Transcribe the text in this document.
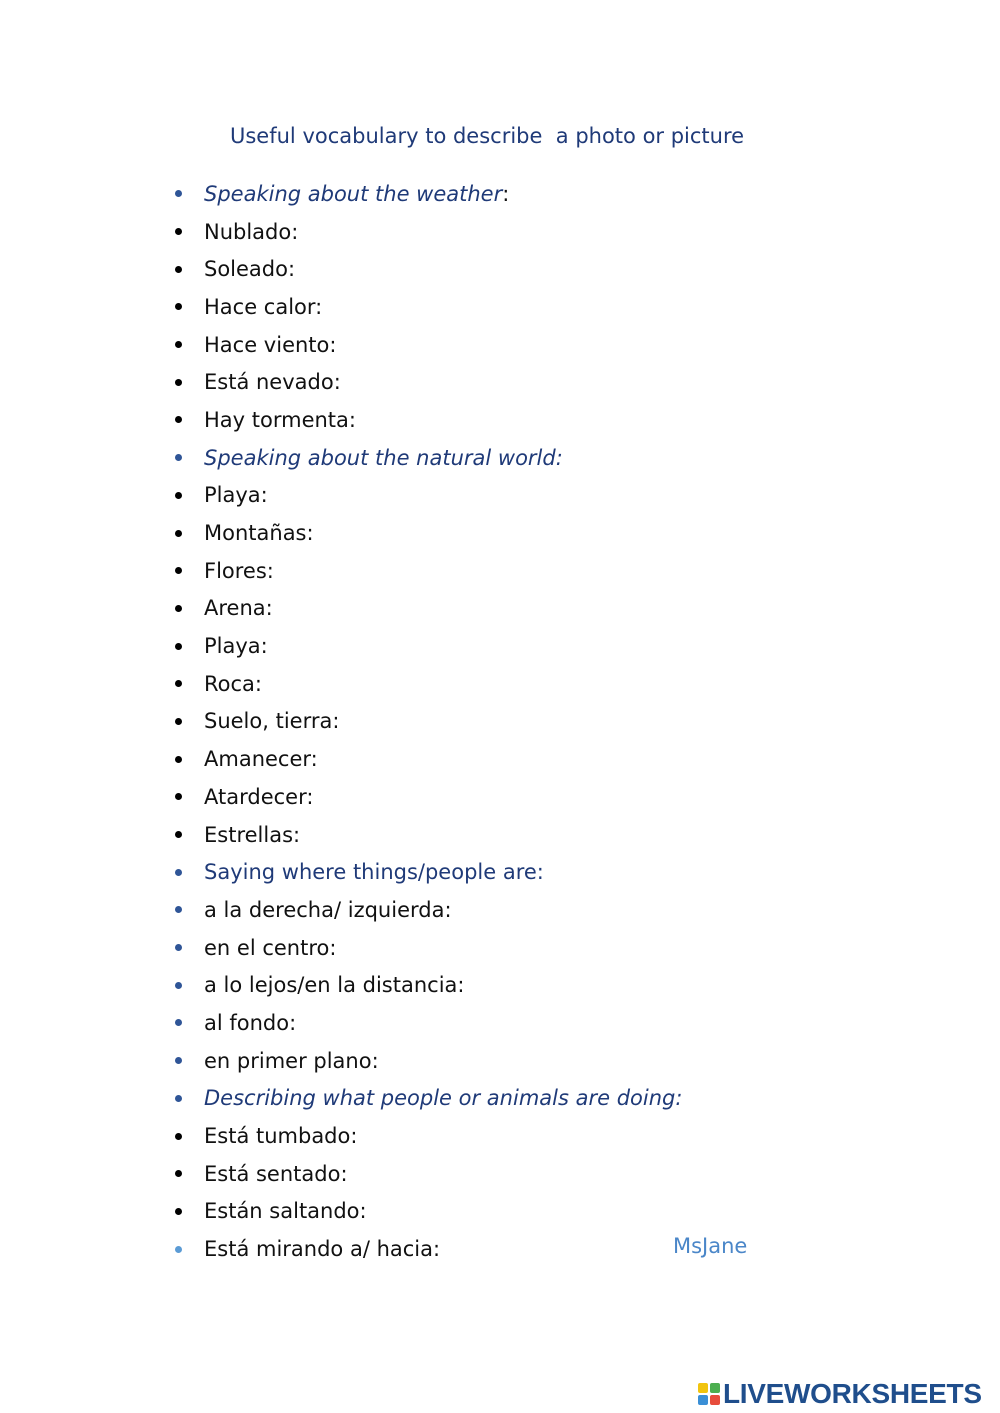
Useful vocabulary to describe  a photo or picture
Speaking about the weather:
Nublado:
Soleado:
Hace calor:
Hace viento:
Está nevado:
Hay tormenta:
Speaking about the natural world:
Playa:
Montañas:
Flores:
Arena:
Playa:
Roca:
Suelo, tierra:
Amanecer:
Atardecer:
Estrellas:
Saying where things/people are:
a la derecha/ izquierda:
en el centro:
a lo lejos/en la distancia:
al fondo:
en primer plano:
Describing what people or animals are doing:
Está tumbado:
Está sentado:
Están saltando:
Está mirando a/ hacia:	MsJane
LIVEWORKSHEETS
